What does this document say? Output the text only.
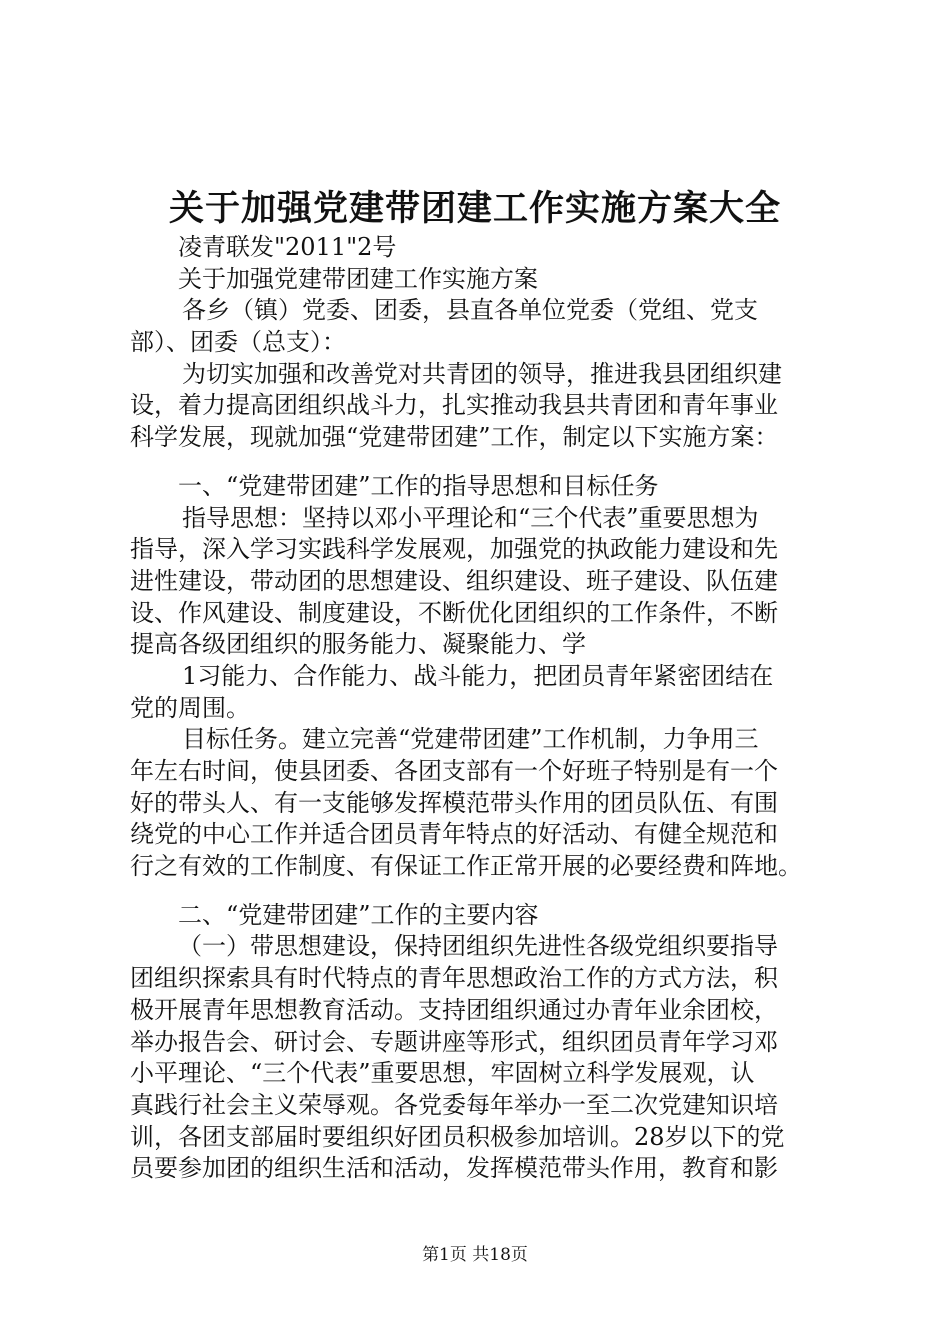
关于加强党建带团建工作实施方案大全
凌青联发"2011"2号
关于加强党建带团建工作实施方案
各乡（镇）党委、团委，县直各单位党委（党组、党支
部）、团委（总支）：
为切实加强和改善党对共青团的领导，推进我县团组织建
设，着力提高团组织战斗力，扎实推动我县共青团和青年事业
科学发展，现就加强“党建带团建”工作，制定以下实施方案：
一、“党建带团建”工作的指导思想和目标任务
指导思想：坚持以邓小平理论和“三个代表”重要思想为
指导，深入学习实践科学发展观，加强党的执政能力建设和先
进性建设，带动团的思想建设、组织建设、班子建设、队伍建
设、作风建设、制度建设，不断优化团组织的工作条件，不断
提高各级团组织的服务能力、凝聚能力、学
1习能力、合作能力、战斗能力，把团员青年紧密团结在
党的周围。
目标任务。建立完善“党建带团建”工作机制，力争用三
年左右时间，使县团委、各团支部有一个好班子特别是有一个
好的带头人、有一支能够发挥模范带头作用的团员队伍、有围
绕党的中心工作并适合团员青年特点的好活动、有健全规范和
行之有效的工作制度、有保证工作正常开展的必要经费和阵地。
二、“党建带团建”工作的主要内容
（一）带思想建设，保持团组织先进性各级党组织要指导
团组织探索具有时代特点的青年思想政治工作的方式方法，积
极开展青年思想教育活动。支持团组织通过办青年业余团校，
举办报告会、研讨会、专题讲座等形式，组织团员青年学习邓
小平理论、“三个代表”重要思想，牢固树立科学发展观，认
真践行社会主义荣辱观。各党委每年举办一至二次党建知识培
训，各团支部届时要组织好团员积极参加培训。28岁以下的党
员要参加团的组织生活和活动，发挥模范带头作用，教育和影
第1页 共18页
